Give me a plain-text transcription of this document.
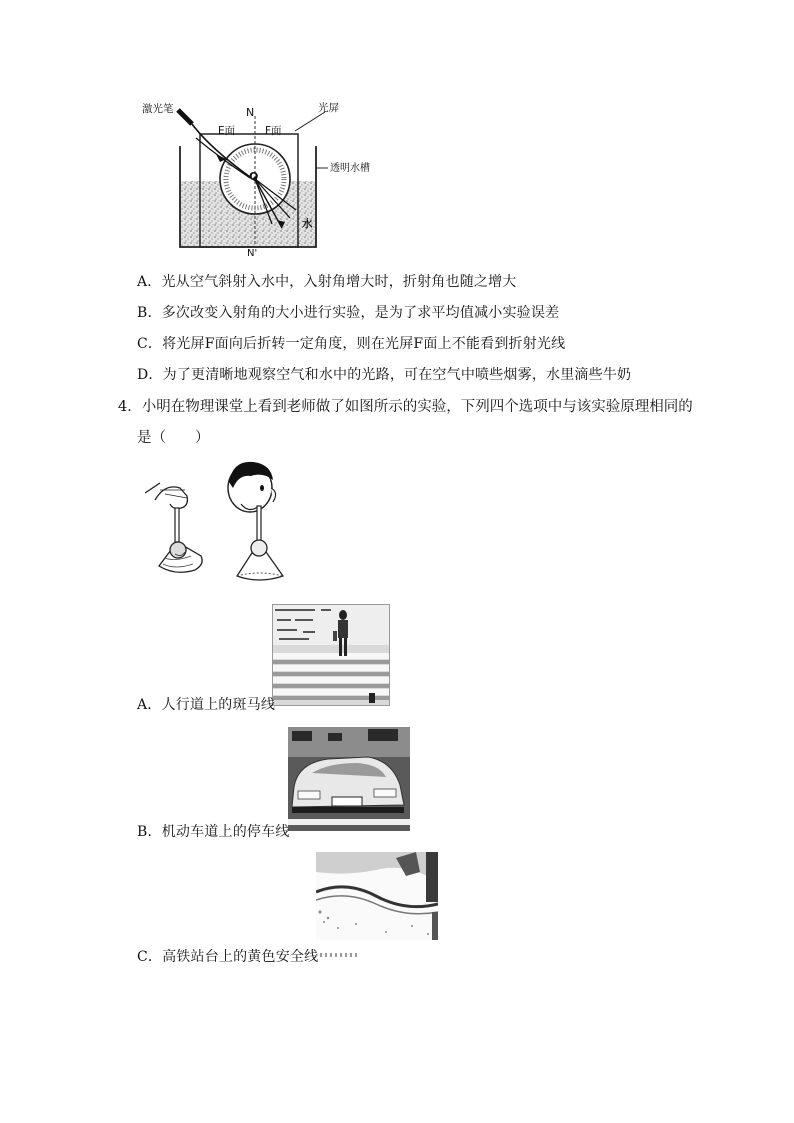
激光笔	N
E面	F面
光屏
O
透明水槽
水
N'
A．光从空气斜射入水中，入射角增大时，折射角也随之增大
B．多次改变入射角的大小进行实验，是为了求平均值减小实验误差
C．将光屏F面向后折转一定角度，则在光屏F面上不能看到折射光线
D．为了更清晰地观察空气和水中的光路，可在空气中喷些烟雾，水里滴些牛奶
4．小明在物理课堂上看到老师做了如图所示的实验，下列四个选项中与该实验原理相同的
是（　　）
A．人行道上的斑马线
B．机动车道上的停车线
C．高铁站台上的黄色安全线
